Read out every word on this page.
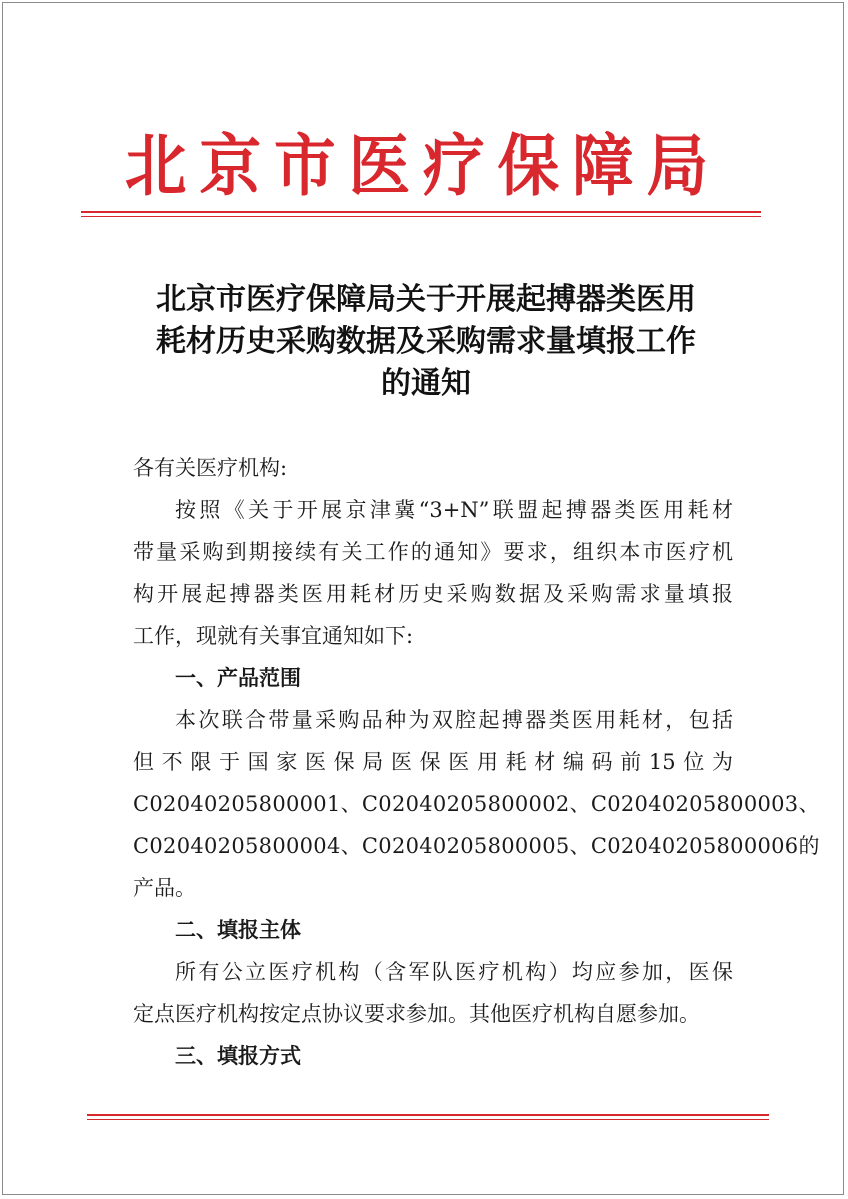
北京市医疗保障局
北京市医疗保障局关于开展起搏器类医用
耗材历史采购数据及采购需求量填报工作
的通知
各有关医疗机构:
按照《关于开展京津冀“3+N”联盟起搏器类医用耗材
带量采购到期接续有关工作的通知》要求，组织本市医疗机
构开展起搏器类医用耗材历史采购数据及采购需求量填报
工作，现就有关事宜通知如下:
一、产品范围
本次联合带量采购品种为双腔起搏器类医用耗材，包括
但不限于国家医保局医保医用耗材编码前15位为
C02040205800001、C02040205800002、C02040205800003、
C02040205800004、C02040205800005、C02040205800006的
产品。
二、填报主体
所有公立医疗机构（含军队医疗机构）均应参加，医保
定点医疗机构按定点协议要求参加。其他医疗机构自愿参加。
三、填报方式
